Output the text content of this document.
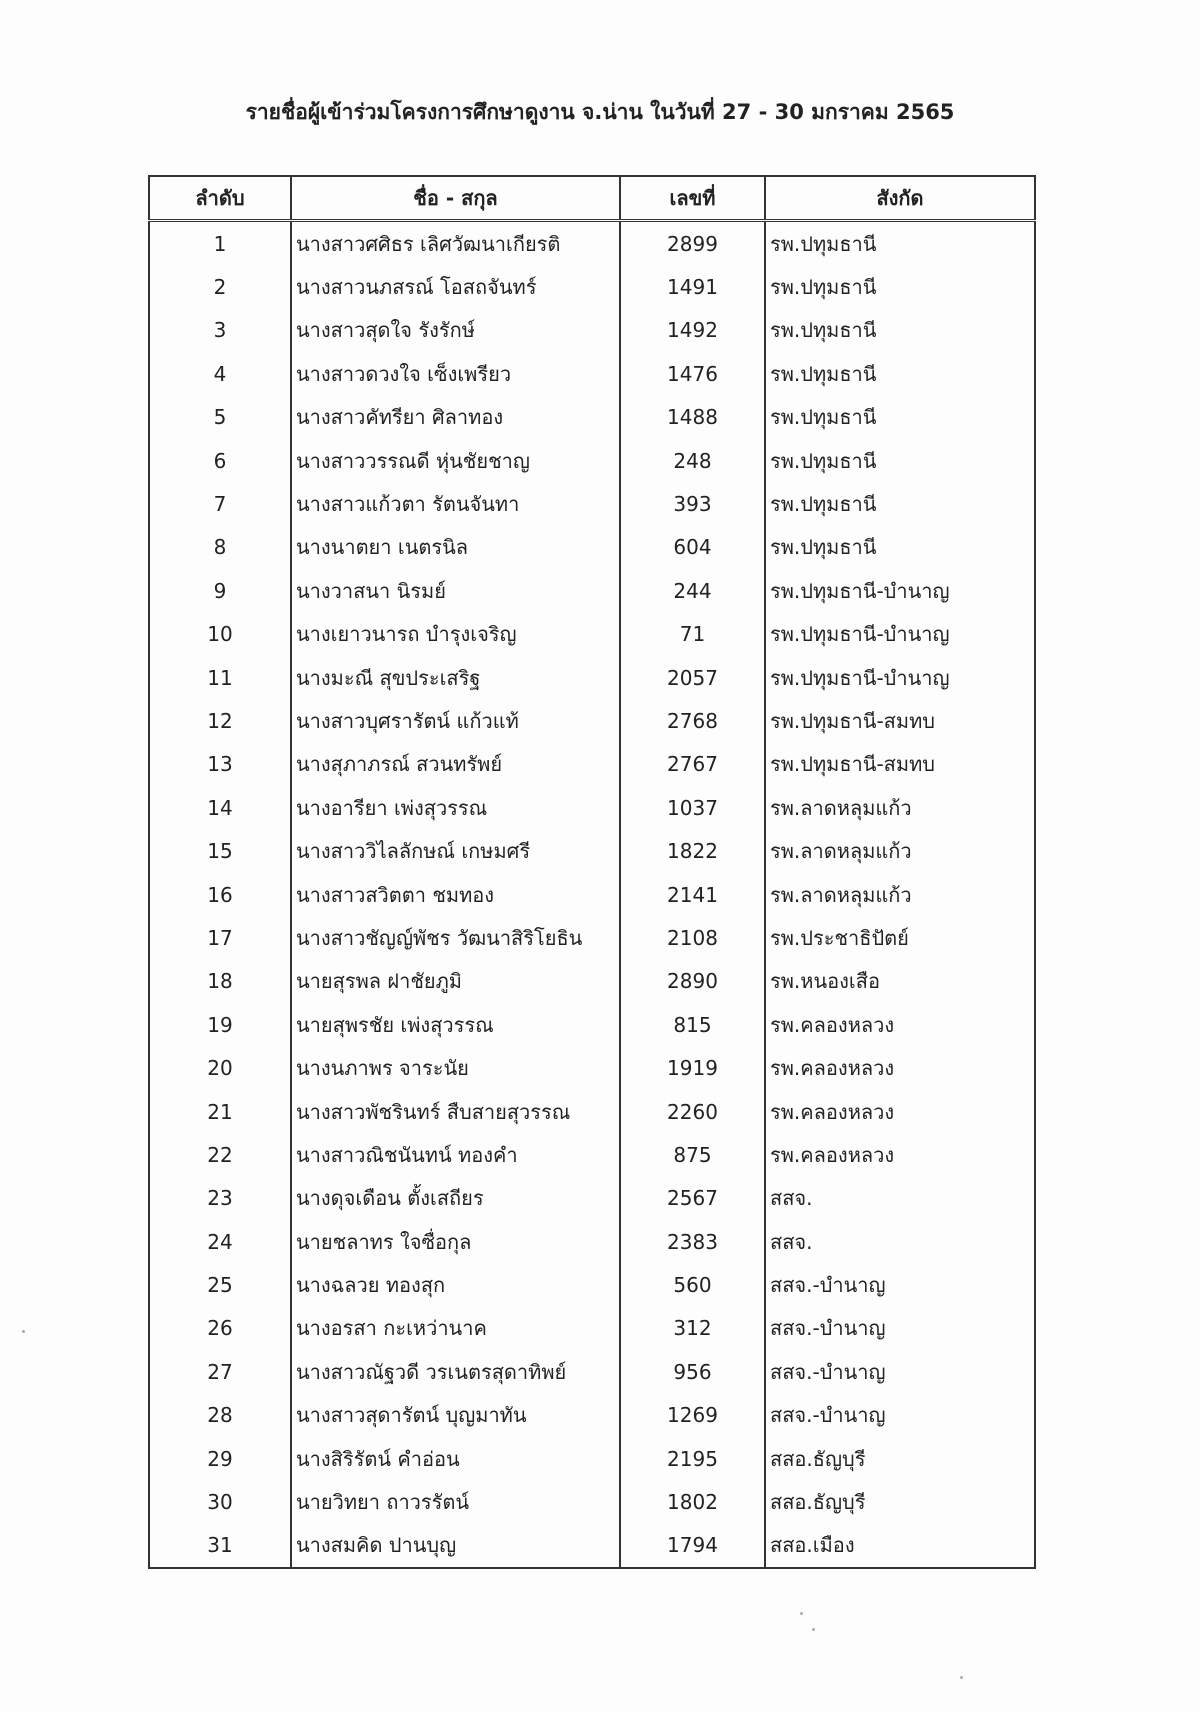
รายชื่อผู้เข้าร่วมโครงการศึกษาดูงาน จ.น่าน ในวันที่ 27 - 30 มกราคม 2565
ลำดับ	ชื่อ - สกุล	เลขที่	สังกัด
1	นางสาวศศิธร เลิศวัฒนาเกียรติ	2899	รพ.ปทุมธานี
2	นางสาวนภสรณ์ โอสถจันทร์	1491	รพ.ปทุมธานี
3	นางสาวสุดใจ รังรักษ์	1492	รพ.ปทุมธานี
4	นางสาวดวงใจ เซ็งเพรียว	1476	รพ.ปทุมธานี
5	นางสาวคัทรียา ศิลาทอง	1488	รพ.ปทุมธานี
6	นางสาววรรณดี หุ่นชัยชาญ	248	รพ.ปทุมธานี
7	นางสาวแก้วตา รัตนจันทา	393	รพ.ปทุมธานี
8	นางนาตยา เนตรนิล	604	รพ.ปทุมธานี
9	นางวาสนา นิรมย์	244	รพ.ปทุมธานี-บำนาญ
10	นางเยาวนารถ บำรุงเจริญ	71	รพ.ปทุมธานี-บำนาญ
11	นางมะณี สุขประเสริฐ	2057	รพ.ปทุมธานี-บำนาญ
12	นางสาวบุศรารัตน์ แก้วแท้	2768	รพ.ปทุมธานี-สมทบ
13	นางสุภาภรณ์ สวนทรัพย์	2767	รพ.ปทุมธานี-สมทบ
14	นางอารียา เพ่งสุวรรณ	1037	รพ.ลาดหลุมแก้ว
15	นางสาววิไลลักษณ์ เกษมศรี	1822	รพ.ลาดหลุมแก้ว
16	นางสาวสวิตตา ชมทอง	2141	รพ.ลาดหลุมแก้ว
17	นางสาวชัญญ์พัชร วัฒนาสิริโยธิน	2108	รพ.ประชาธิปัตย์
18	นายสุรพล ฝาชัยภูมิ	2890	รพ.หนองเสือ
19	นายสุพรชัย เพ่งสุวรรณ	815	รพ.คลองหลวง
20	นางนภาพร จาระนัย	1919	รพ.คลองหลวง
21	นางสาวพัชรินทร์ สืบสายสุวรรณ	2260	รพ.คลองหลวง
22	นางสาวณิชนันทน์ ทองคำ	875	รพ.คลองหลวง
23	นางดุจเดือน ตั้งเสถียร	2567	สสจ.
24	นายชลาทร ใจซื่อกุล	2383	สสจ.
25	นางฉลวย ทองสุก	560	สสจ.-บำนาญ
26	นางอรสา กะเหว่านาค	312	สสจ.-บำนาญ
27	นางสาวณัฐวดี วรเนตรสุดาทิพย์	956	สสจ.-บำนาญ
28	นางสาวสุดารัตน์ บุญมาทัน	1269	สสจ.-บำนาญ
29	นางสิริรัตน์ คำอ่อน	2195	สสอ.ธัญบุรี
30	นายวิทยา ถาวรรัตน์	1802	สสอ.ธัญบุรี
31	นางสมคิด ปานบุญ	1794	สสอ.เมือง
